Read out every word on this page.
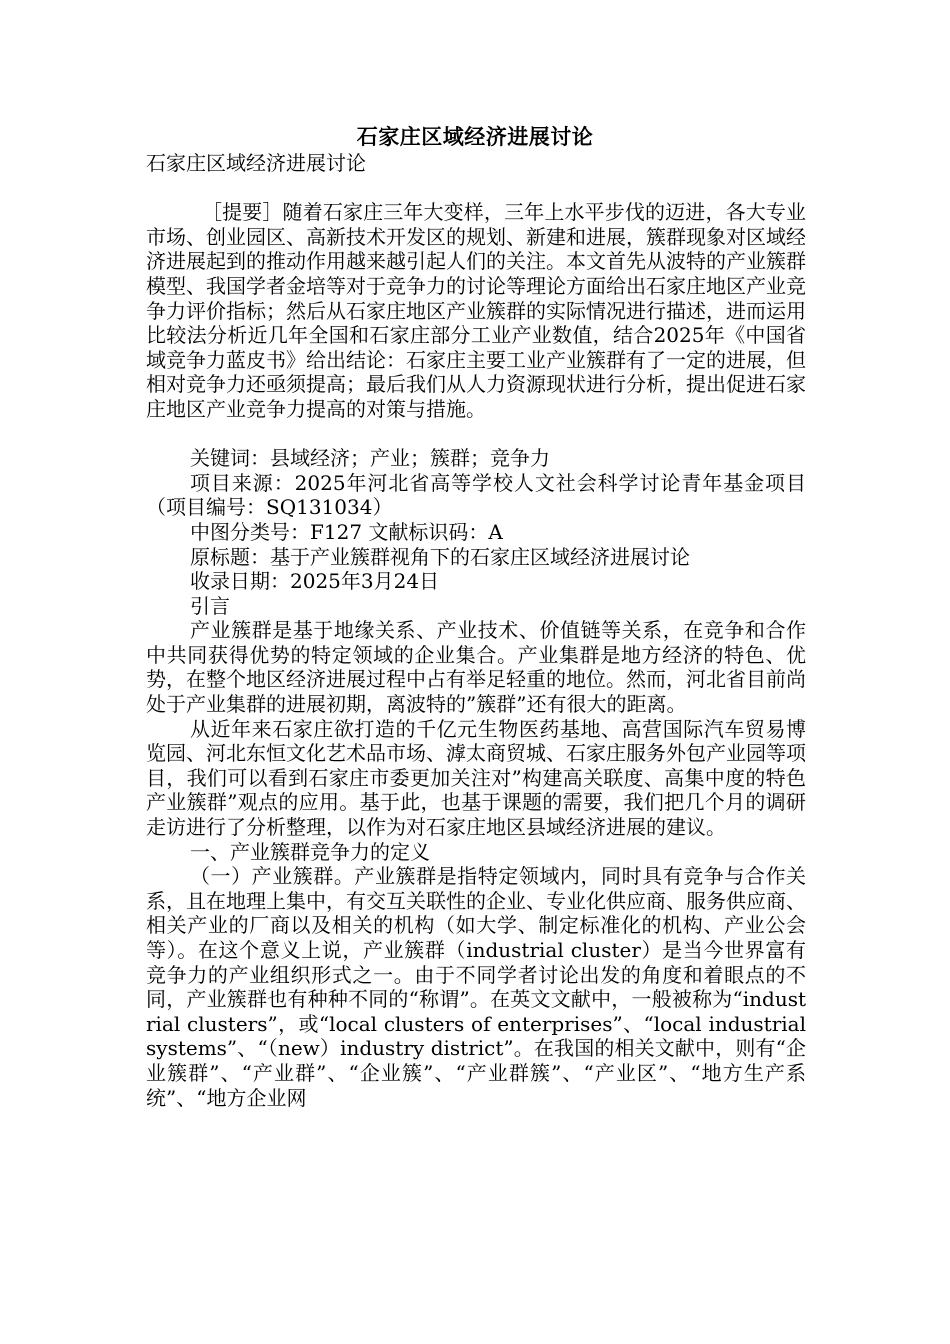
石家庄区域经济进展讨论

石家庄区域经济进展讨论

［提要］随着石家庄三年大变样，三年上水平步伐的迈进，各大专业市场、创业园区、高新技术开发区的规划、新建和进展，簇群现象对区域经济进展起到的推动作用越来越引起人们的关注。本文首先从波特的产业簇群模型、我国学者金培等对于竞争力的讨论等理论方面给出石家庄地区产业竞争力评价指标；然后从石家庄地区产业簇群的实际情况进行描述，进而运用比较法分析近几年全国和石家庄部分工业产业数值，结合2025年《中国省域竞争力蓝皮书》给出结论：石家庄主要工业产业簇群有了一定的进展，但相对竞争力还亟须提高；最后我们从人力资源现状进行分析，提出促进石家庄地区产业竞争力提高的对策与措施。

关键词：县域经济；产业；簇群；竞争力

项目来源：2025年河北省高等学校人文社会科学讨论青年基金项目（项目编号：SQ131034）

中图分类号：F127 文献标识码：A

原标题：基于产业簇群视角下的石家庄区域经济进展讨论

收录日期：2025年3月24日

引言

产业簇群是基于地缘关系、产业技术、价值链等关系，在竞争和合作中共同获得优势的特定领域的企业集合。产业集群是地方经济的特色、优势，在整个地区经济进展过程中占有举足轻重的地位。然而，河北省目前尚处于产业集群的进展初期，离波特的”簇群”还有很大的距离。

从近年来石家庄欲打造的千亿元生物医药基地、高营国际汽车贸易博览园、河北东恒文化艺术品市场、滹太商贸城、石家庄服务外包产业园等项目，我们可以看到石家庄市委更加关注对”构建高关联度、高集中度的特色产业簇群”观点的应用。基于此，也基于课题的需要，我们把几个月的调研走访进行了分析整理，以作为对石家庄地区县域经济进展的建议。

一、产业簇群竞争力的定义

（一）产业簇群。产业簇群是指特定领域内，同时具有竞争与合作关系，且在地理上集中，有交互关联性的企业、专业化供应商、服务供应商、相关产业的厂商以及相关的机构（如大学、制定标准化的机构、产业公会等）。在这个意义上说，产业簇群（industrial cluster）是当今世界富有竞争力的产业组织形式之一。由于不同学者讨论出发的角度和着眼点的不同，产业簇群也有种种不同的“称谓”。在英文文献中，一般被称为“industrial clusters”，或“local clusters of enterprises”、“local industrial systems”、“（new）industry district”。在我国的相关文献中，则有“企业簇群”、“产业群”、“企业簇”、“产业群簇”、“产业区”、“地方生产系统”、“地方企业网
